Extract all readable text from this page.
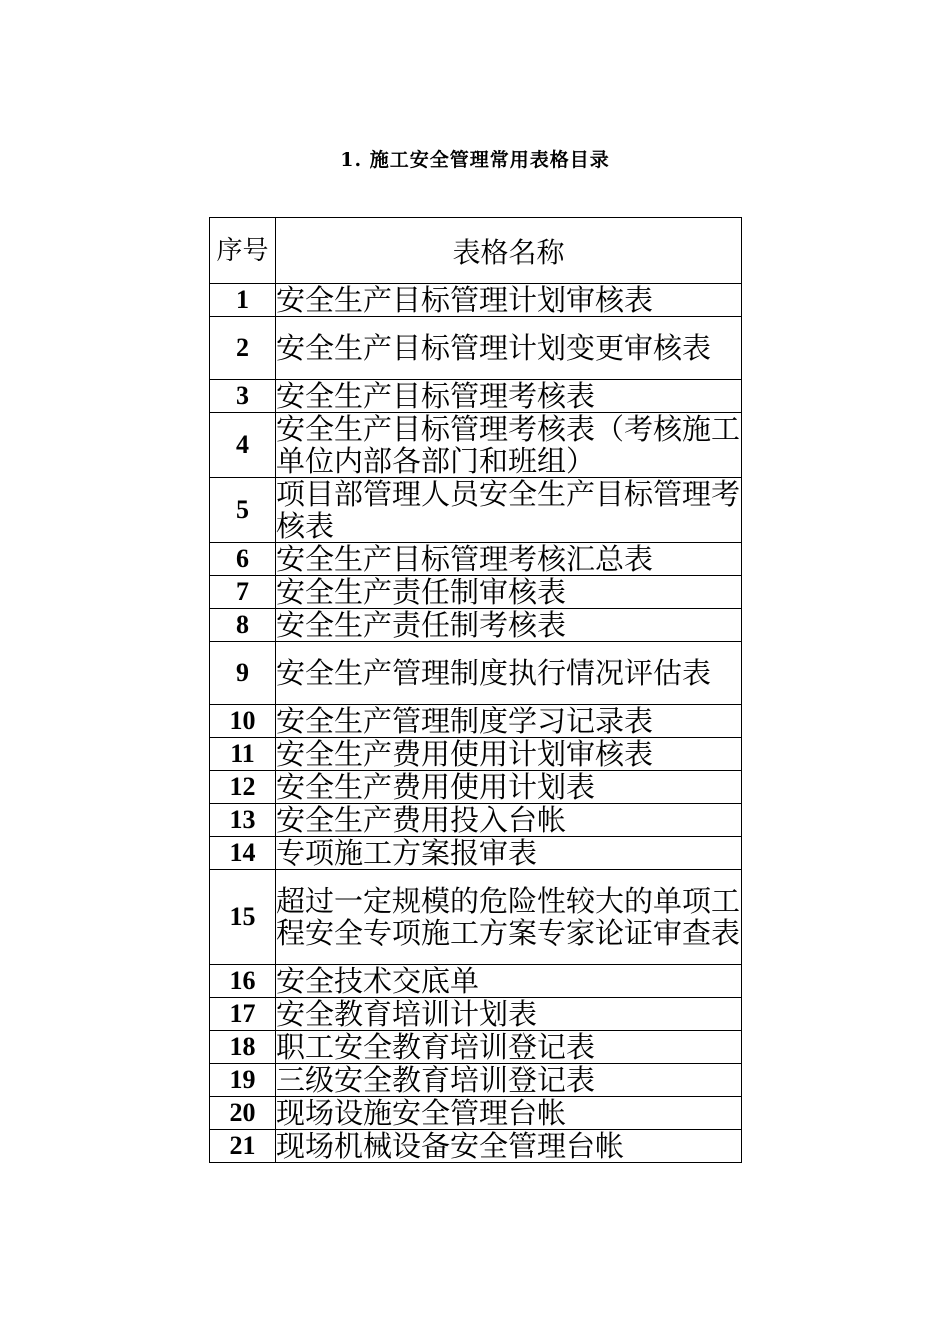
1. 施工安全管理常用表格目录
序号	表格名称
1	安全生产目标管理计划审核表
2	安全生产目标管理计划变更审核表
3	安全生产目标管理考核表
4	安全生产目标管理考核表（考核施工单位内部各部门和班组）
5	项目部管理人员安全生产目标管理考核表
6	安全生产目标管理考核汇总表
7	安全生产责任制审核表
8	安全生产责任制考核表
9	安全生产管理制度执行情况评估表
10	安全生产管理制度学习记录表
11	安全生产费用使用计划审核表
12	安全生产费用使用计划表
13	安全生产费用投入台帐
14	专项施工方案报审表
15	超过一定规模的危险性较大的单项工程安全专项施工方案专家论证审查表
16	安全技术交底单
17	安全教育培训计划表
18	职工安全教育培训登记表
19	三级安全教育培训登记表
20	现场设施安全管理台帐
21	现场机械设备安全管理台帐
